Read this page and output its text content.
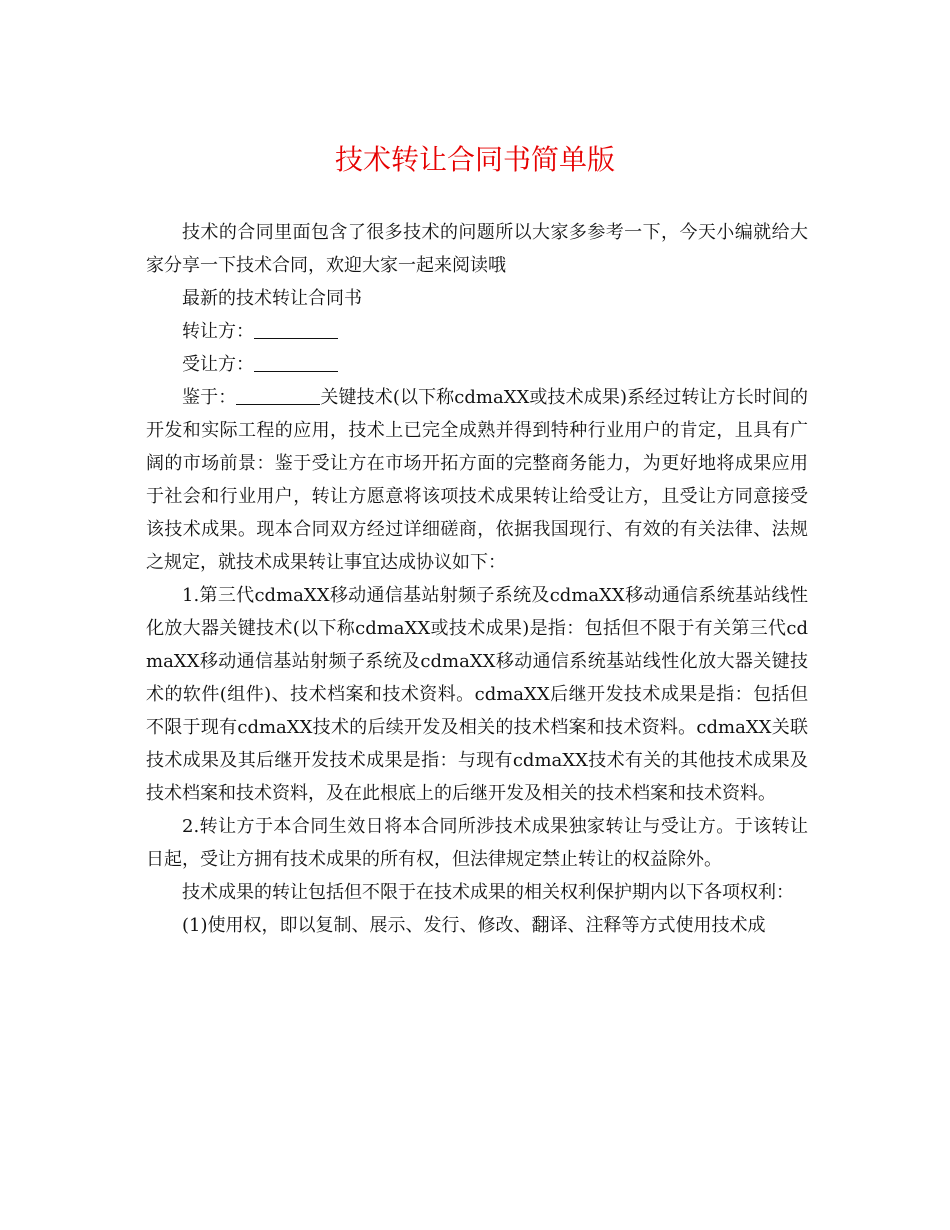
技术转让合同书简单版

技术的合同里面包含了很多技术的问题所以大家多参考一下，今天小编就给大家分享一下技术合同，欢迎大家一起来阅读哦

最新的技术转让合同书

转让方：

受让方：

鉴于：	关键技术(以下称cdmaXX或技术成果)系经过转让方长时间的开发和实际工程的应用，技术上已完全成熟并得到特种行业用户的肯定，且具有广阔的市场前景：鉴于受让方在市场开拓方面的完整商务能力，为更好地将成果应用于社会和行业用户，转让方愿意将该项技术成果转让给受让方，且受让方同意接受该技术成果。现本合同双方经过详细磋商，依据我国现行、有效的有关法律、法规之规定，就技术成果转让事宜达成协议如下：

1.第三代cdmaXX移动通信基站射频子系统及cdmaXX移动通信系统基站线性化放大器关键技术(以下称cdmaXX或技术成果)是指：包括但不限于有关第三代cdmaXX移动通信基站射频子系统及cdmaXX移动通信系统基站线性化放大器关键技术的软件(组件)、技术档案和技术资料。cdmaXX后继开发技术成果是指：包括但不限于现有cdmaXX技术的后续开发及相关的技术档案和技术资料。cdmaXX关联技术成果及其后继开发技术成果是指：与现有cdmaXX技术有关的其他技术成果及技术档案和技术资料，及在此根底上的后继开发及相关的技术档案和技术资料。

2.转让方于本合同生效日将本合同所涉技术成果独家转让与受让方。于该转让日起，受让方拥有技术成果的所有权，但法律规定禁止转让的权益除外。

技术成果的转让包括但不限于在技术成果的相关权利保护期内以下各项权利：

(1)使用权，即以复制、展示、发行、修改、翻译、注释等方式使用技术成
